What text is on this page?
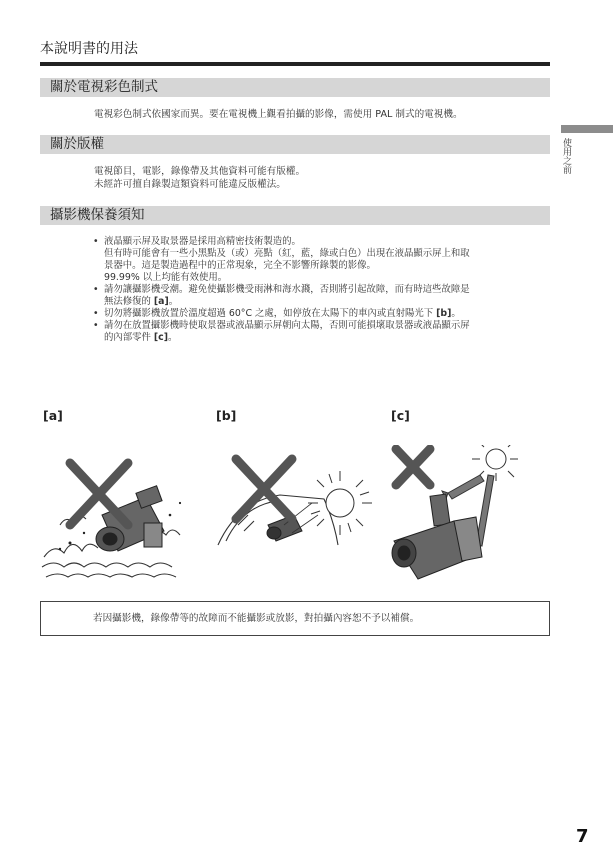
本說明書的用法
使用之前
關於電視彩色制式
電視彩色制式依國家而異。要在電視機上觀看拍攝的影像，需使用 PAL 制式的電視機。
關於版權
電視節目，電影，錄像帶及其他資料可能有版權。
未經許可擅自錄製這類資料可能違反版權法。
攝影機保養須知
• 液晶顯示屏及取景器是採用高精密技術製造的。
但有時可能會有一些小黑點及（或）亮點（紅，藍，綠或白色）出現在液晶顯示屏上和取
景器中。這是製造過程中的正常現象，完全不影響所錄製的影像。
99.99% 以上均能有效使用。
• 請勿讓攝影機受潮。避免使攝影機受雨淋和海水濺，否則將引起故障，而有時這些故障是
無法修復的 [a]。
• 切勿將攝影機放置於溫度超過 60°C 之處，如停放在太陽下的車內或直射陽光下 [b]。
• 請勿在放置攝影機時使取景器或液晶顯示屏朝向太陽，否則可能損壞取景器或液晶顯示屏
的內部零件 [c]。
[a]	[b]	[c]
若因攝影機，錄像帶等的故障而不能攝影或放影，對拍攝內容恕不予以補償。
7
